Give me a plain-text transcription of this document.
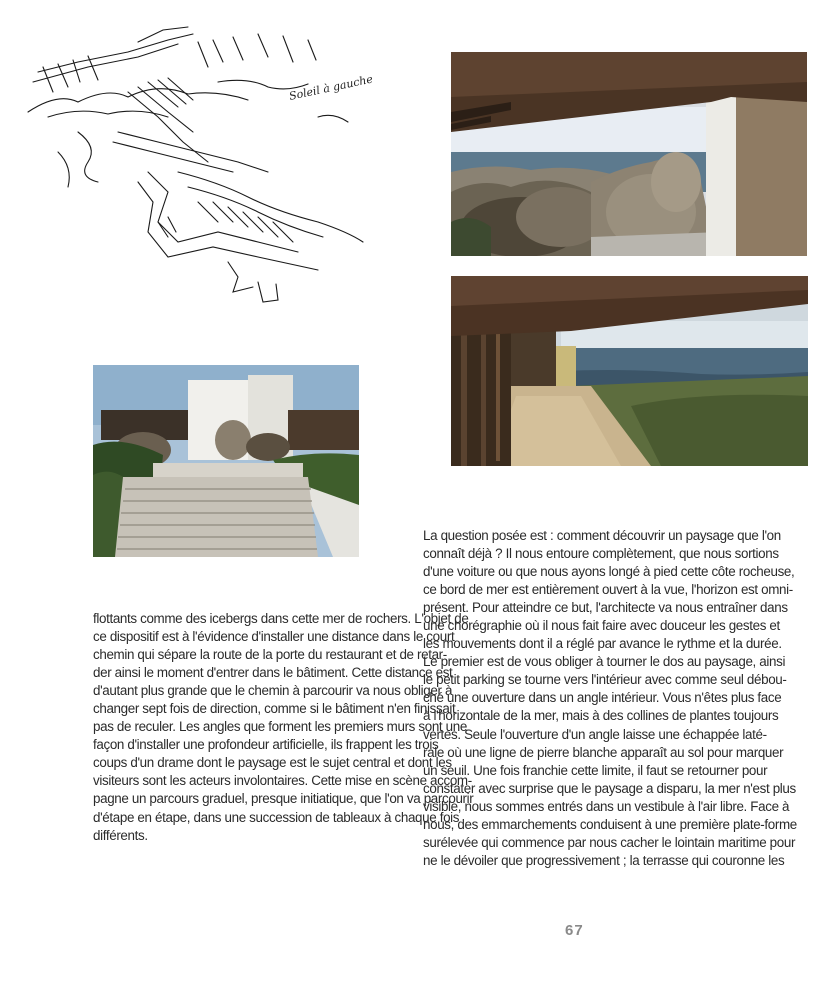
Soleil à gauche
flottants comme des icebergs dans cette mer de rochers. L'objet de
ce dispositif est à l'évidence d'installer une distance dans le court
chemin qui sépare la route de la porte du restaurant et de retar-
der ainsi le moment d'entrer dans le bâtiment. Cette distance est
d'autant plus grande que le chemin à parcourir va nous obliger à
changer sept fois de direction, comme si le bâtiment n'en finissait
pas de reculer. Les angles que forment les premiers murs sont une
façon d'installer une profondeur artificielle, ils frappent les trois
coups d'un drame dont le paysage est le sujet central et dont les
visiteurs sont les acteurs involontaires. Cette mise en scène accom-
pagne un parcours graduel, presque initiatique, que l'on va parcourir
d'étape en étape, dans une succession de tableaux à chaque fois
différents.
La question posée est : comment découvrir un paysage que l'on
connaît déjà ? Il nous entoure complètement, que nous sortions
d'une voiture ou que nous ayons longé à pied cette côte rocheuse,
ce bord de mer est entièrement ouvert à la vue, l'horizon est omni-
présent. Pour atteindre ce but, l'architecte va nous entraîner dans
une chorégraphie où il nous fait faire avec douceur les gestes et
les mouvements dont il a réglé par avance le rythme et la durée.
Le premier est de vous obliger à tourner le dos au paysage, ainsi
le petit parking se tourne vers l'intérieur avec comme seul débou-
ché une ouverture dans un angle intérieur. Vous n'êtes plus face
à l'horizontale de la mer, mais à des collines de plantes toujours
vertes. Seule l'ouverture d'un angle laisse une échappée laté-
rale où une ligne de pierre blanche apparaît au sol pour marquer
un seuil. Une fois franchie cette limite, il faut se retourner pour
constater avec surprise que le paysage a disparu, la mer n'est plus
visible, nous sommes entrés dans un vestibule à l'air libre. Face à
nous, des emmarchements conduisent à une première plate-forme
surélevée qui commence par nous cacher le lointain maritime pour
ne le dévoiler que progressivement ; la terrasse qui couronne les
67
